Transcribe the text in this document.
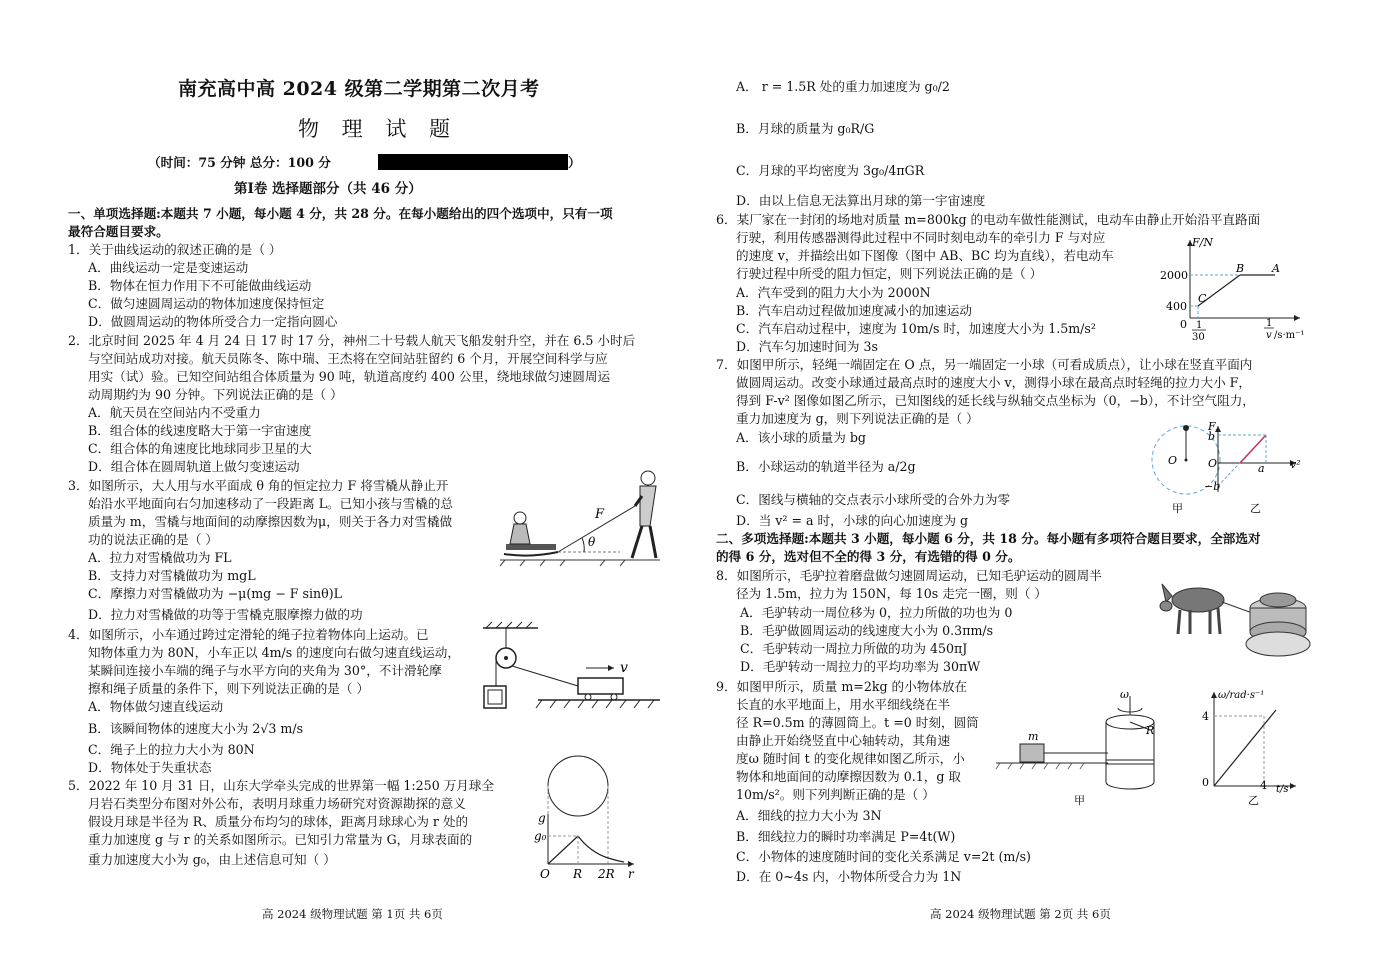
南充高中高 2024 级第二学期第二次月考
物 理 试 题
（时间：75 分钟 总分：100 分	）
第Ⅰ卷 选择题部分（共 46 分）
一、单项选择题:本题共 7 小题，每小题 4 分，共 28 分。在每小题给出的四个选项中，只有一项
最符合题目要求。
1．关于曲线运动的叙述正确的是（ ）
A．曲线运动一定是变速运动
B．物体在恒力作用下不可能做曲线运动
C．做匀速圆周运动的物体加速度保持恒定
D．做圆周运动的物体所受合力一定指向圆心
2．北京时间 2025 年 4 月 24 日 17 时 17 分，神州二十号载人航天飞船发射升空，并在 6.5 小时后
与空间站成功对接。航天员陈冬、陈中瑞、王杰将在空间站驻留约 6 个月，开展空间科学与应
用实（试）验。已知空间站组合体质量为 90 吨，轨道高度约 400 公里，绕地球做匀速圆周运
动周期约为 90 分钟。下列说法正确的是（ ）
A．航天员在空间站内不受重力
B．组合体的线速度略大于第一宇宙速度
C．组合体的角速度比地球同步卫星的大
D．组合体在圆周轨道上做匀变速运动
3．如图所示，大人用与水平面成 θ 角的恒定拉力 F 将雪橇从静止开
始沿水平地面向右匀加速移动了一段距离 L。已知小孩与雪橇的总
质量为 m，雪橇与地面间的动摩擦因数为μ，则关于各力对雪橇做
功的说法正确的是（ ）
A．拉力对雪橇做功为 FL
B．支持力对雪橇做功为 mgL
C．摩擦力对雪橇做功为 −μ(mg − F sinθ)L
D．拉力对雪橇做的功等于雪橇克服摩擦力做的功
θ
F
4．如图所示，小车通过跨过定滑轮的绳子拉着物体向上运动。已
知物体重力为 80N，小车正以 4m/s 的速度向右做匀速直线运动，
某瞬间连接小车端的绳子与水平方向的夹角为 30°，不计滑轮摩
擦和绳子质量的条件下，则下列说法正确的是（ ）
A．物体做匀速直线运动
B．该瞬间物体的速度大小为 2√3 m/s
C．绳子上的拉力大小为 80N
D．物体处于失重状态
v
5．2022 年 10 月 31 日，山东大学牵头完成的世界第一幅 1:250 万月球全
月岩石类型分布图对外公布，表明月球重力场研究对资源勘探的意义
假设月球是半径为 R、质量分布均匀的球体，距离月球球心为 r 处的
重力加速度 g 与 r 的关系如图所示。已知引力常量为 G，月球表面的
重力加速度大小为 g₀，由上述信息可知（ ）
g
g₀
O R 2R r
高 2024 级物理试题 第 1页 共 6页
A． r = 1.5R 处的重力加速度为 g₀/2
B．月球的质量为 g₀R/G
C．月球的平均密度为 3g₀/4πGR
D．由以上信息无法算出月球的第一宇宙速度
6．某厂家在一封闭的场地对质量 m=800kg 的电动车做性能测试，电动车由静止开始沿平直路面
行驶，利用传感器测得此过程中不同时刻电动车的牵引力 F 与对应
的速度 v，并描绘出如下图像（图中 AB、BC 均为直线），若电动车
行驶过程中所受的阻力恒定，则下列说法正确的是（ ）
A．汽车受到的阻力大小为 2000N
B．汽车启动过程做加速度减小的加速运动
C．汽车启动过程中，速度为 10m/s 时，加速度大小为 1.5m/s²
D．汽车匀加速时间为 3s
F/N
2000
400
0 1
30
1
v /s·m⁻¹
A
B
C
7．如图甲所示，轻绳一端固定在 O 点，另一端固定一小球（可看成质点），让小球在竖直平面内
做圆周运动。改变小球通过最高点时的速度大小 v，测得小球在最高点时轻绳的拉力大小 F，
得到 F-v² 图像如图乙所示，已知图线的延长线与纵轴交点坐标为（0，−b），不计空气阻力，
重力加速度为 g，则下列说法正确的是（ ）
A．该小球的质量为 bg
B．小球运动的轨道半径为 a/2g
C．图线与横轴的交点表示小球所受的合外力为零
D．当 v² = a 时，小球的向心加速度为 g
O
甲
F
b
O	a v²
−b
乙
二、多项选择题:本题共 3 小题，每小题 6 分，共 18 分。每小题有多项符合题目要求，全部选对
的得 6 分，选对但不全的得 3 分，有选错的得 0 分。
8．如图所示，毛驴拉着磨盘做匀速圆周运动，已知毛驴运动的圆周半
径为 1.5m，拉力为 150N，每 10s 走完一圈，则（ ）
A．毛驴转动一周位移为 0，拉力所做的功也为 0
B．毛驴做圆周运动的线速度大小为 0.3πm/s
C．毛驴转动一周拉力所做的功为 450πJ
D．毛驴转动一周拉力的平均功率为 30πW
9．如图甲所示，质量 m=2kg 的小物体放在
长直的水平地面上，用水平细线绕在半
径 R=0.5m 的薄圆筒上。t =0 时刻，圆筒
由静止开始绕竖直中心轴转动，其角速
度ω 随时间 t 的变化规律如图乙所示，小
物体和地面间的动摩擦因数为 0.1，g 取
10m/s²。则下列判断正确的是（ ）
A．细线的拉力大小为 3N
B．细线拉力的瞬时功率满足 P=4t(W)
C．小物体的速度随时间的变化关系满足 v=2t (m/s)
D．在 0~4s 内，小物体所受合力为 1N
ω
R
m
甲
ω/rad·s⁻¹
4
0	4 t/s
乙
高 2024 级物理试题 第 2页 共 6页
